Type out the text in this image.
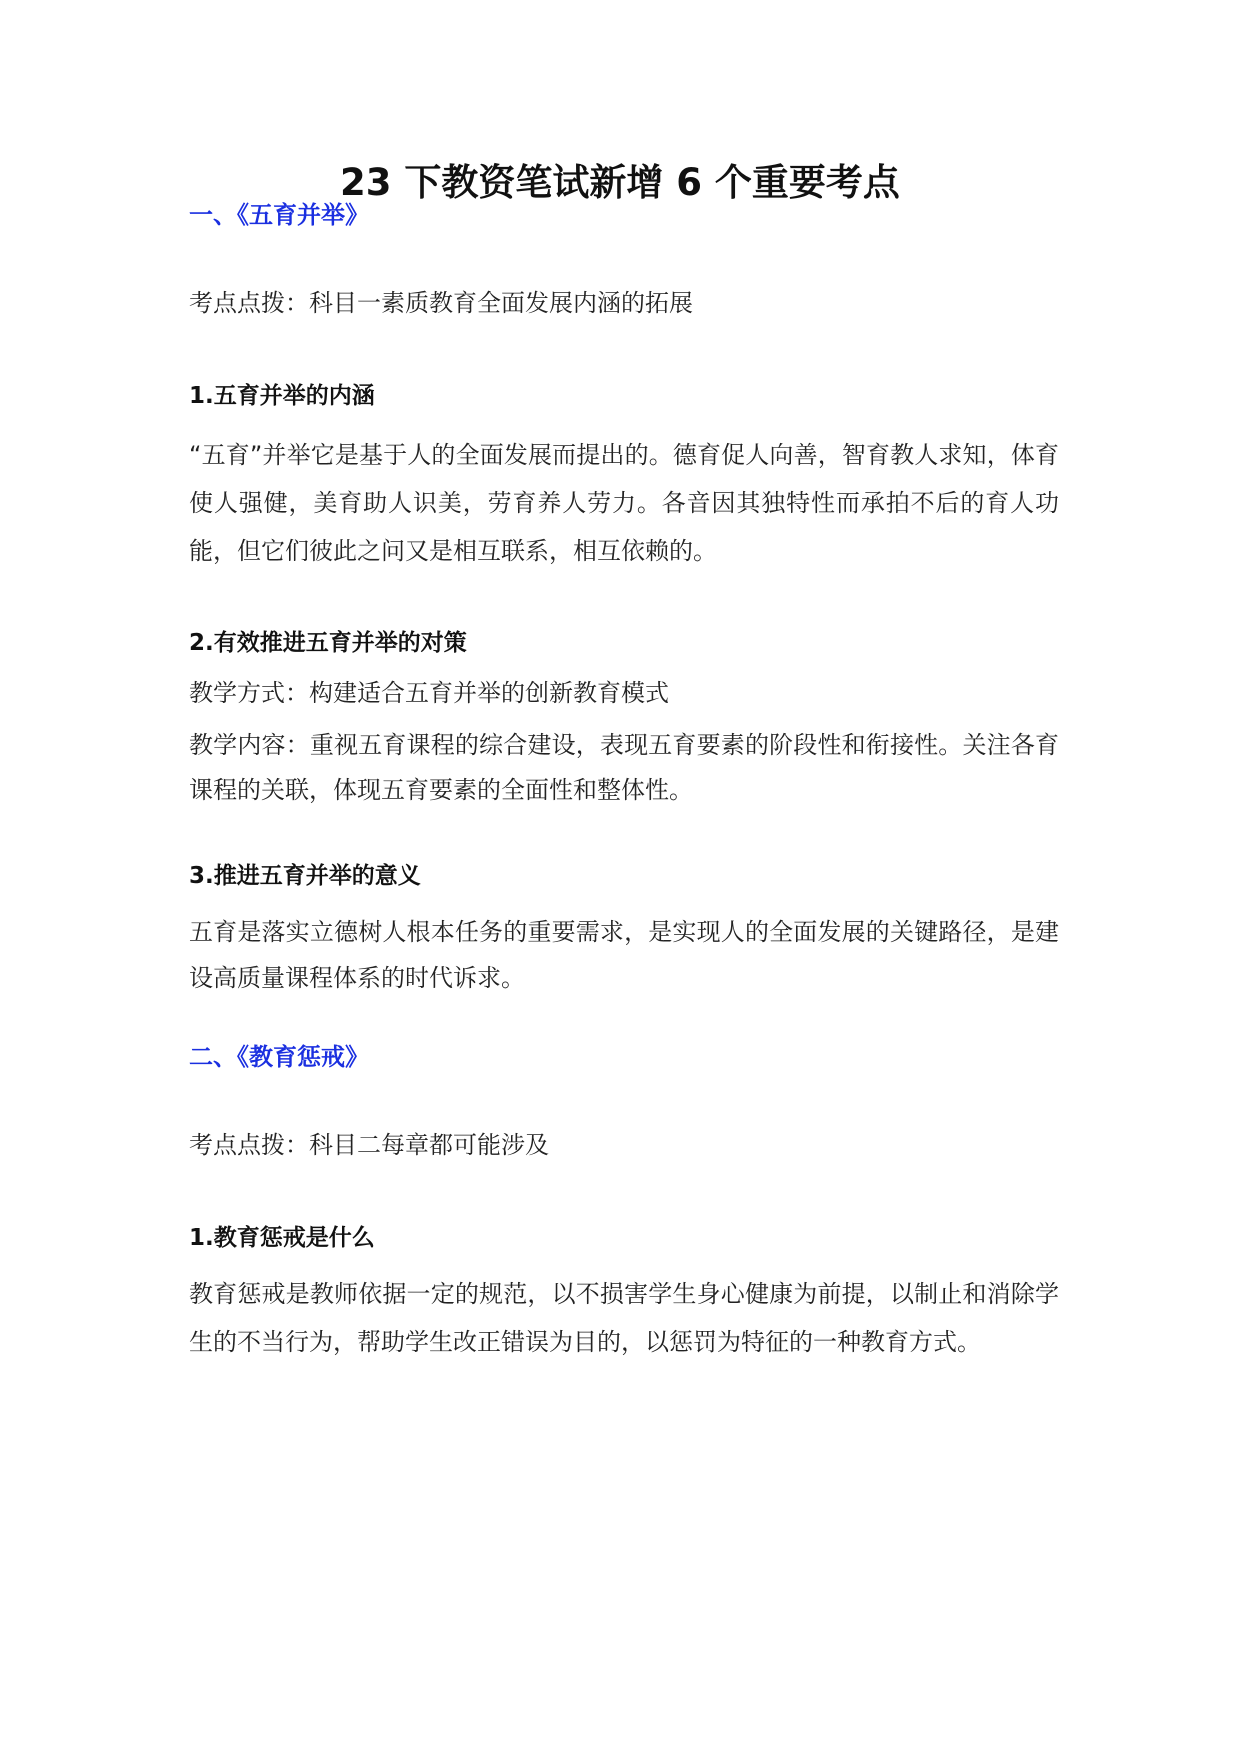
23 下教资笔试新增 6 个重要考点
一、《五育并举》

考点点拨：科目一素质教育全面发展内涵的拓展

1.五育并举的内涵

“五育”并举它是基于人的全面发展而提出的。德育促人向善，智育教人求知，体育使人强健，美育助人识美，劳育养人劳力。各音因其独特性而承拍不后的育人功能，但它们彼此之问又是相互联系，相互依赖的。

2.有效推进五育并举的对策

教学方式：构建适合五育并举的创新教育模式

教学内容：重视五育课程的综合建设，表现五育要素的阶段性和衔接性。关注各育课程的关联，体现五育要素的全面性和整体性。

3.推进五育并举的意义

五育是落实立德树人根本任务的重要需求，是实现人的全面发展的关键路径，是建设高质量课程体系的时代诉求。

二、《教育惩戒》

考点点拨：科目二每章都可能涉及

1.教育惩戒是什么

教育惩戒是教师依据一定的规范，以不损害学生身心健康为前提，以制止和消除学生的不当行为，帮助学生改正错误为目的，以惩罚为特征的一种教育方式。
